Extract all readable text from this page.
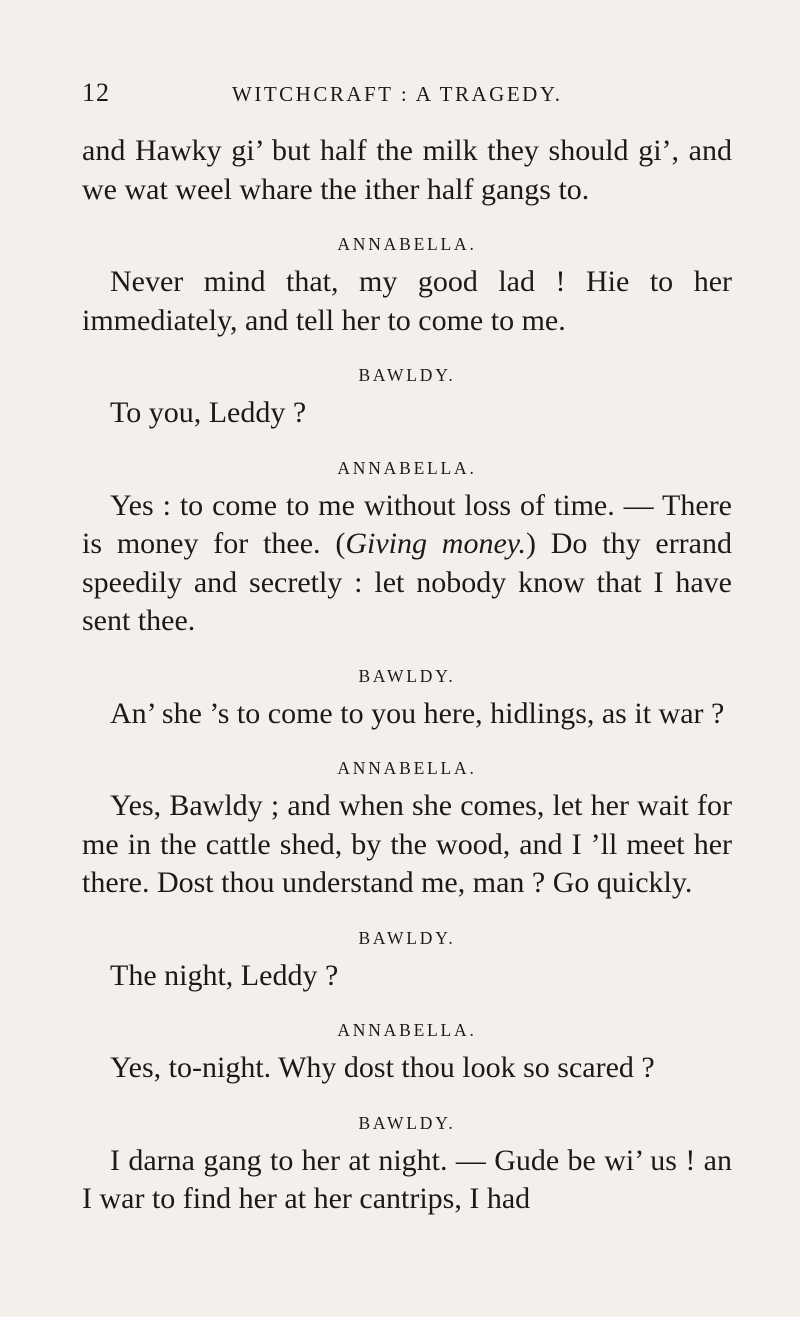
12	WITCHCRAFT : A TRAGEDY.

and Hawky gi’ but half the milk they should gi’, and we wat weel whare the ither half gangs to.

ANNABELLA.

Never mind that, my good lad ! Hie to her immediately, and tell her to come to me.

BAWLDY.

To you, Leddy ?

ANNABELLA.

Yes : to come to me without loss of time. — There is money for thee. (Giving money.) Do thy errand speedily and secretly : let nobody know that I have sent thee.

BAWLDY.

An’ she ’s to come to you here, hidlings, as it war ?

ANNABELLA.

Yes, Bawldy ; and when she comes, let her wait for me in the cattle shed, by the wood, and I ’ll meet her there. Dost thou understand me, man ? Go quickly.

BAWLDY.

The night, Leddy ?

ANNABELLA.

Yes, to-night. Why dost thou look so scared ?

BAWLDY.

I darna gang to her at night. — Gude be wi’ us ! an I war to find her at her cantrips, I had
